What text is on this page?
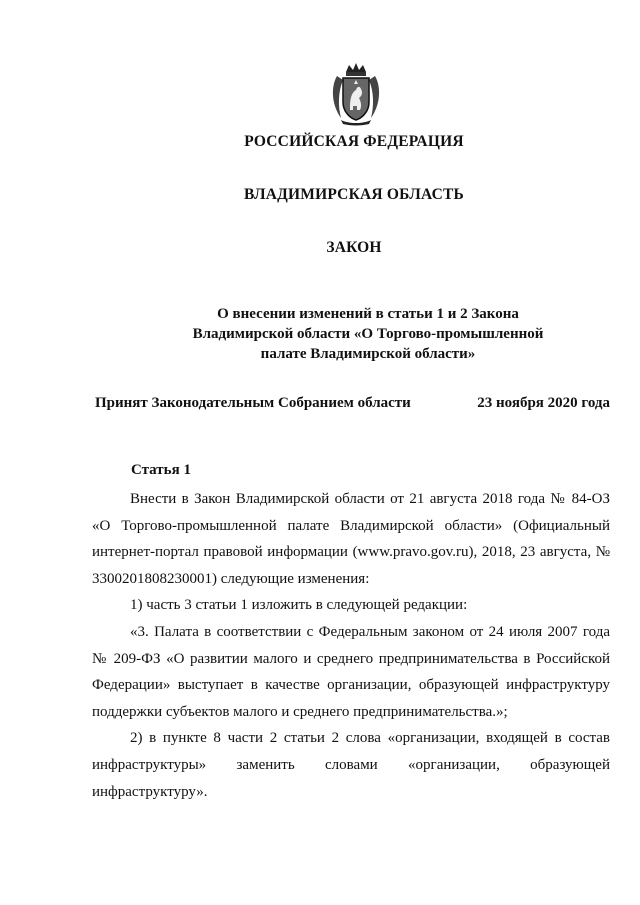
РОССИЙСКАЯ ФЕДЕРАЦИЯ
ВЛАДИМИРСКАЯ ОБЛАСТЬ
ЗАКОН
О внесении изменений в статьи 1 и 2 Закона
Владимирской области «О Торгово-промышленной
палате Владимирской области»
Принят Законодательным Собранием области	23 ноября 2020 года
Статья 1

Внести в Закон Владимирской области от 21 августа 2018 года № 84-ОЗ «О Торгово-промышленной палате Владимирской области» (Официальный интернет-портал правовой информации (www.pravo.gov.ru), 2018, 23 августа, № 3300201808230001) следующие изменения:

1) часть 3 статьи 1 изложить в следующей редакции:

«3. Палата в соответствии с Федеральным законом от 24 июля 2007 года № 209-ФЗ «О развитии малого и среднего предпринимательства в Российской Федерации» выступает в качестве организации, образующей инфраструктуру поддержки субъектов малого и среднего предпринимательства.»;

2) в пункте 8 части 2 статьи 2 слова «организации, входящей в состав инфраструктуры» заменить словами «организации, образующей инфраструктуру».
